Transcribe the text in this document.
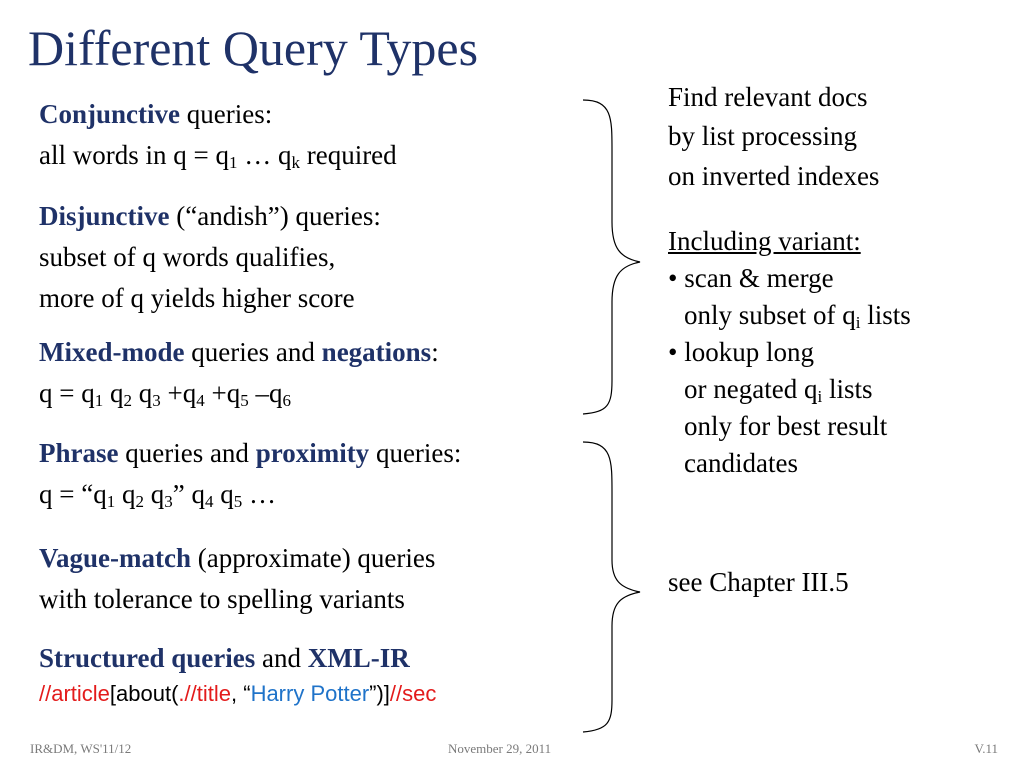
Different Query Types
Conjunctive queries:
all words in $q = q_1$ … $q_k$ required
Disjunctive (“andish”) queries:
subset of q words qualifies,
more of q yields higher score
Mixed-mode queries and negations:
$q = q_1$ $q_2$ $q_3 +q_4 +q_5$ $-q_6$
Phrase queries and proximity queries:
$q = “q_1$ $q_2$ $q_3$” $q_4$ $q_5$ …
Vague-match (approximate) queries
with tolerance to spelling variants
Structured queries and XML-IR
//article[about(.//title, “Harry Potter”)]//sec
Find relevant docs
by list processing
on inverted indexes
Including variant:
• scan & merge
only subset of $q_i$ lists
• lookup long
or negated $q_i$ lists
only for best result
candidates
see Chapter III.5
IR&DM, WS'11/12	November 29, 2011	V.11
